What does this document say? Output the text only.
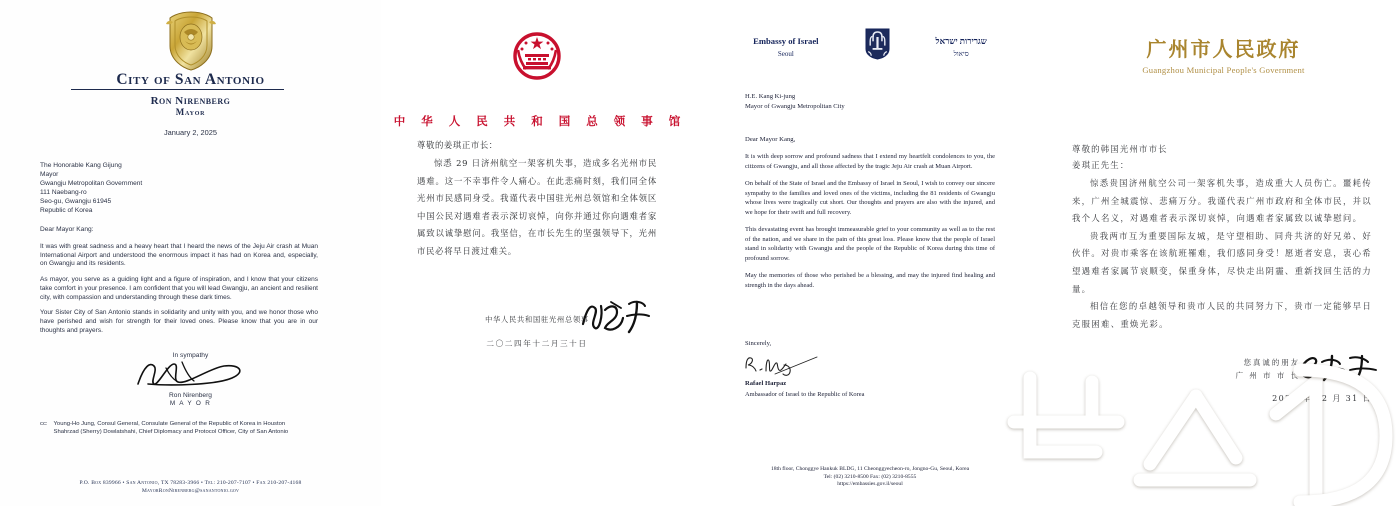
City of San Antonio
Ron Nirenberg
Mayor
January 2, 2025
The Honorable Kang Gijung
Mayor
Gwangju Metropolitan Government
111 Naebang-ro
Seo-gu, Gwangju 61945
Republic of Korea
Dear Mayor Kang:

It was with great sadness and a heavy heart that I heard the news of the Jeju Air crash at Muan International Airport and understood the enormous impact it has had on Korea and, especially, on Gwangju and its residents.

As mayor, you serve as a guiding light and a figure of inspiration, and I know that your citizens take comfort in your presence. I am confident that you will lead Gwangju, an ancient and resilient city, with compassion and understanding through these dark times.

Your Sister City of San Antonio stands in solidarity and unity with you, and we honor those who have perished and wish for strength for their loved ones. Please know that you are in our thoughts and prayers.

In sympathy
Ron Nirenberg
M A Y O R
cc: Young-Ho Jung, Consul General, Consulate General of the Republic of Korea in Houston
Shahrzad (Sherry) Dowlatshahi, Chief Diplomacy and Protocol Officer, City of San Antonio
P.O. Box 839966 • San Antonio, TX 78283-3966 • Tel: 210-207-7107 • Fax 210-207-4168
MayorRonNirenberg@sanantonio.gov
中 华 人 民 共 和 国 总 领 事 馆
尊敬的姜琪正市长：

惊悉 29 日济州航空一架客机失事，造成多名光州市民遇难。这一不幸事件令人痛心。在此悲痛时刻，我们同全体光州市民感同身受。我谨代表中国驻光州总领馆和全体领区中国公民对遇难者表示深切哀悼，向你并通过你向遇难者家属致以诚挚慰问。我坚信，在市长先生的坚强领导下，光州市民必将早日渡过难关。

中华人民共和国驻光州总领事
二〇二四年十二月三十日
Embassy of Israel
Seoul
שגרירות ישראל
סיאול
H.E. Kang Ki-jung
Mayor of Gwangju Metropolitan City
Dear Mayor Kang,

It is with deep sorrow and profound sadness that I extend my heartfelt condolences to you, the citizens of Gwangju, and all those affected by the tragic Jeju Air crash at Muan Airport.

On behalf of the State of Israel and the Embassy of Israel in Seoul, I wish to convey our sincere sympathy to the families and loved ones of the victims, including the 81 residents of Gwangju whose lives were tragically cut short. Our thoughts and prayers are also with the injured, and we hope for their swift and full recovery.

This devastating event has brought immeasurable grief to your community as well as to the rest of the nation, and we share in the pain of this great loss. Please know that the people of Israel stand in solidarity with Gwangju and the people of the Republic of Korea during this time of profound sorrow.

May the memories of those who perished be a blessing, and may the injured find healing and strength in the days ahead.

Sincerely,
Rafael Harpaz
Ambassador of Israel to the Republic of Korea
18th floor, Chonggye Hankuk BLDG, 11 Cheonggyecheon-ro, Jongno-Gu, Seoul, Korea
Tel: (02) 3210-8500 Fax: (02) 3210-8555
https://embassies.gov.il/seoul
广州市人民政府
Guangzhou Municipal People's Government
尊敬的韩国光州市市长
姜琪正先生：

惊悉贵国济州航空公司一架客机失事，造成重大人员伤亡。噩耗传来，广州全城震惊、悲痛万分。我谨代表广州市政府和全体市民，并以我个人名义，对遇难者表示深切哀悼，向遇难者家属致以诚挚慰问。

贵我两市互为重要国际友城，是守望相助、同舟共济的好兄弟、好伙伴。对贵市乘客在该航班罹难，我们感同身受！愿逝者安息，衷心希望遇难者家属节哀顺变，保重身体，尽快走出阴霾、重新找回生活的力量。

相信在您的卓越领导和贵市人民的共同努力下，贵市一定能够早日克服困难、重焕光彩。

您真诚的朋友
广 州 市 市 长
2024 年 12 月 31 日
